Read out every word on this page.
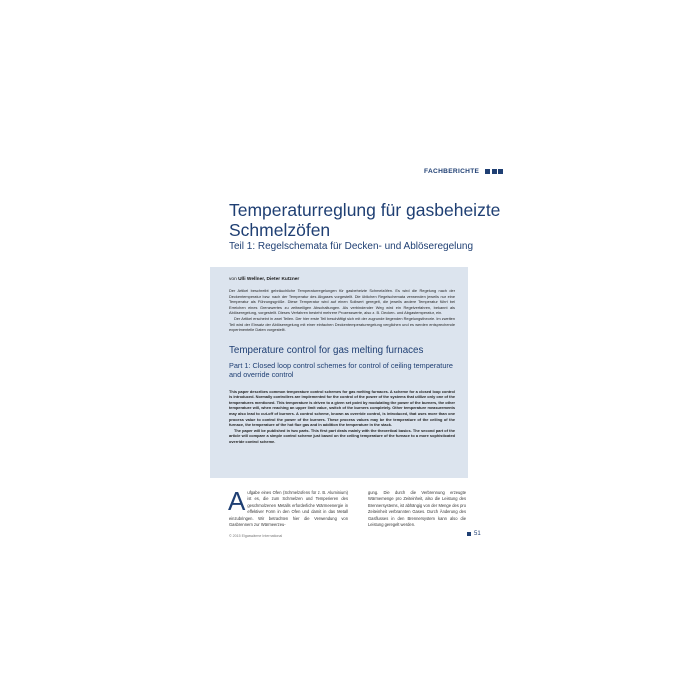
FACHBERICHTE
Temperaturreglung für gasbeheizte Schmelzöfen
Teil 1: Regelschemata für Decken- und Ablöseregelung

von Ulli Wellner, Dieter Kutzner

Der Artikel beschreibt gebräuchliche Temperaturregelungen für gasbeheizte Schmelzöfen. Es wird die Regelung nach der Deckentemperatur bzw. nach der Temperatur des Abgases vorgestellt. Die üblichen Regelschemata verwenden jeweils nur eine Temperatur als Führungsgröße. Diese Temperatur wird auf einen Sollwert geregelt, die jeweils andere Temperatur führt bei Erreichen eines Grenzwertes zu zeitweiligen Abschaltungen. Als verbindender Weg wird ein Regelverfahren, bekannt als Ablöseregelung, vorgestellt. Dieses Verfahren besteht mehrere Prozesswerte, also z. B. Decken- und Abgastemperatur, ein.

Der Artikel erscheint in zwei Teilen. Der hier erste Teil beschäftigt sich mit der zugrunde liegenden Regelungstheorie. Im zweiten Teil wird der Einsatz der Ablöseregelung mit einer einfachen Deckentemperaturregelung verglichen und es werden entsprechende experimentelle Daten vorgestellt.

Temperature control for gas melting furnaces
Part 1: Closed loop control schemes for control of ceiling temperature and override control

This paper describes common temperature control schemes for gas melting furnaces. A scheme for a closed loop control is introduced. Normally controllers are implemented for the control of the power of the systems that utilize only one of the temperatures mentioned. This temperature is driven to a given set point by modulating the power of the burners, the other temperature will, when reaching an upper limit value, switch of the burners completely. Other temperature measurements may also lead to cut-off of burners. A control scheme, known as override control, is introduced, that uses more than one process value to control the power of the burners. These process values may be the temperature of the ceiling of the furnace, the temperature of the hot flue gas and in addition the temperature in the stack.

The paper will be published in two parts. This first part deals mainly with the theoretical basics. The second part of the article will compare a simple control scheme just based on the ceiling temperature of the furnace to a more sophisticated override control scheme.

Aufgabe eines Ofen (Schmelzofens für z. B. Aluminium) ist es, die zum Schmelzen und Temperieren des geschmolzenen Metalls erforderliche Wärmeenergie in effektiver Form in den Ofen und damit in das Metall einzubringen. Wir betrachten hier die Verwendung von Gasbrennern zur Wärmeerzeu-
gung. Die durch die Verbrennung erzeugte Wärmemenge pro Zeiteinheit, also die Leistung des Brennersystems, ist abhängig von der Menge des pro Zeiteinheit verbrannten Gases. Durch Änderung des Gasflusses in den Brennersystem kann also die Leistung geregelt werden.
© 2015 Elgaswärme International	51
